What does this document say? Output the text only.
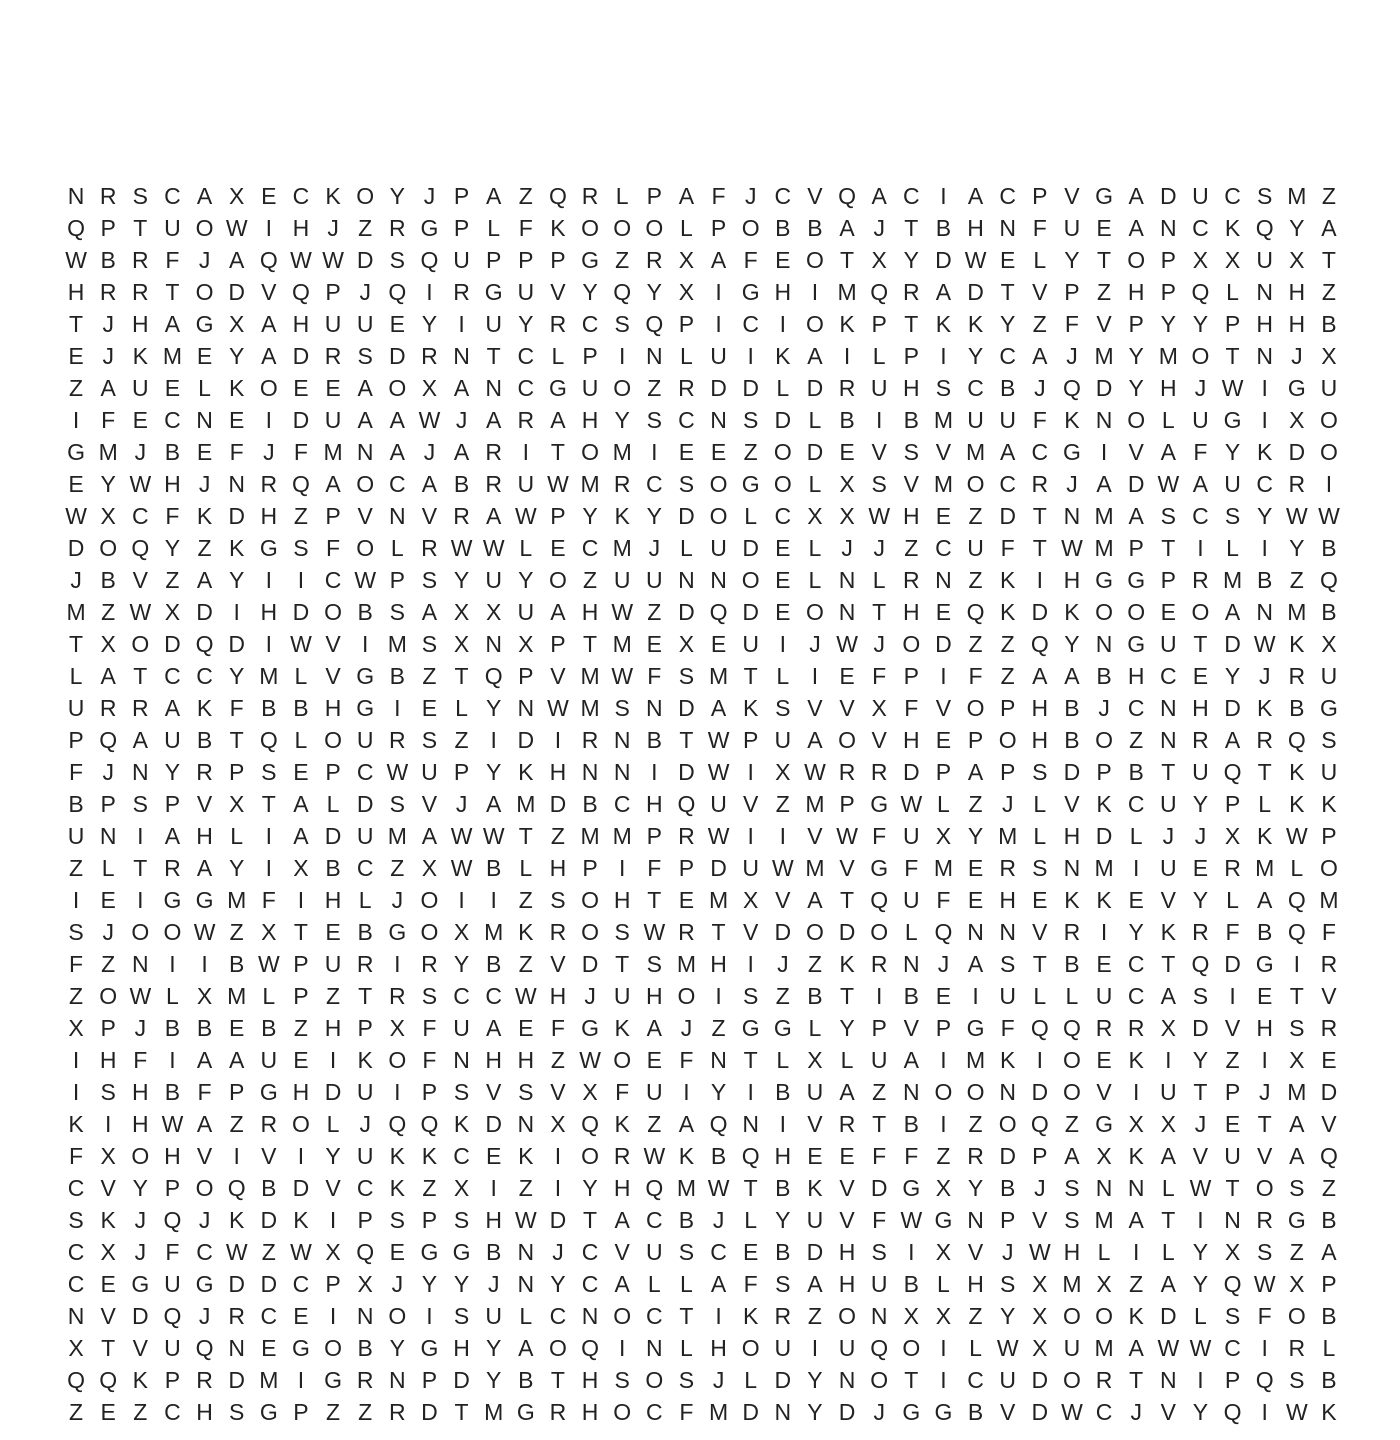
N R S C A X E C K O Y J P A Z Q R L P A F J C V Q A C I A C P V G A D U C S M Z
Q P T U O W I H J Z R G P L F K O O O L P O B B A J T B H N F U E A N C K Q Y A
W B R F J A Q W W D S Q U P P P G Z R X A F E O T X Y D W E L Y T O P X X U X T
H R R T O D V Q P J Q I R G U V Y Q Y X I G H I M Q R A D T V P Z H P Q L N H Z
T J H A G X A H U U E Y I U Y R C S Q P I C I O K P T K K Y Z F V P Y Y P H H B
E J K M E Y A D R S D R N T C L P I N L U I K A I L P I Y C A J M Y M O T N J X
Z A U E L K O E E A O X A N C G U O Z R D D L D R U H S C B J Q D Y H J W I G U
I F E C N E I D U A A W J A R A H Y S C N S D L B I B M U U F K N O L U G I X O
G M J B E F J F M N A J A R I T O M I E E Z O D E V S V M A C G I V A F Y K D O
E Y W H J N R Q A O C A B R U W M R C S O G O L X S V M O C R J A D W A U C R I
W X C F K D H Z P V N V R A W P Y K Y D O L C X X W H E Z D T N M A S C S Y W W
D O Q Y Z K G S F O L R W W L E C M J L U D E L J J Z C U F T W M P T I L I Y B
J B V Z A Y I	I C W P S Y U Y O Z U U N N O E L N L R N Z K I H G G P R M B Z Q
M Z W X D I H D O B S A X X U A H W Z D Q D E O N T H E Q K D K O O E O A N M B
T X O D Q D I W V I M S X N X P T M E X E U I	J W J O D Z Z Q Y N G U T D W K X
L A T C C Y M L V G B Z T Q P V M W F S M T L I E F P I F Z A A B H C E Y J R U
U R R A K F B B H G I E L Y N W M S N D A K S V V X F V O P H B J C N H D K B G
P Q A U B T Q L O U R S Z I D I R N B T W P U A O V H E P O H B O Z N R A R Q S
F J N Y R P S E P C W U P Y K H N N I D W I X W R R D P A P S D P B T U Q T K U
B P S P V X T A L D S V J A M D B C H Q U V Z M P G W L Z J L V K C U Y P L K K
U N I A H L I A D U M A W W T Z M M P R W I	I V W F U X Y M L H D L J J X K W P
Z L T R A Y I X B C Z X W B L H P I F P D U W M V G F M E R S N M I U E R M L O
I E I G G M F I H L J O I	I Z S O H T E M X V A T Q U F E H E K K E V Y L A Q M
S J O O W Z X T E B G O X M K R O S W R T V D O D O L Q N N V R I Y K R F B Q F
F Z N I	I B W P U R I R Y B Z V D T S M H I	J Z K R N J A S T B E C T Q D G I R
Z O W L X M L P Z T R S C C W H J U H O I S Z B T I B E I U L L U C A S I E T V
X P J B B E B Z H P X F U A E F G K A J Z G G L Y P V P G F Q Q R R X D V H S R
I H F I A A U E I K O F N H H Z W O E F N T L X L U A I M K I O E K I Y Z I X E
I S H B F P G H D U I P S V S V X F U I Y I B U A Z N O O N D O V I U T P J M D
K I H W A Z R O L J Q Q K D N X Q K Z A Q N I V R T B I Z O Q Z G X X J E T A V
F X O H V I V I Y U K K C E K I O R W K B Q H E E F F Z R D P A X K A V U V A Q
C V Y P O Q B D V C K Z X I Z I Y H Q M W T B K V D G X Y B J S N N L W T O S Z
S K J Q J K D K I P S P S H W D T A C B J L Y U V F W G N P V S M A T I N R G B
C X J F C W Z W X Q E G G B N J C V U S C E B D H S I X V J W H L I L Y X S Z A
C E G U G D D C P X J Y Y J N Y C A L L A F S A H U B L H S X M X Z A Y Q W X P
N V D Q J R C E I N O I S U L C N O C T I K R Z O N X X Z Y X O O K D L S F O B
X T V U Q N E G O B Y G H Y A O Q I N L H O U I U Q O I L W X U M A W W C I R L
Q Q K P R D M I G R N P D Y B T H S O S J L D Y N O T I C U D O R T N I P Q S B
Z E Z C H S G P Z Z R D T M G R H O C F M D N Y D J G G B V D W C J V Y Q I W K
